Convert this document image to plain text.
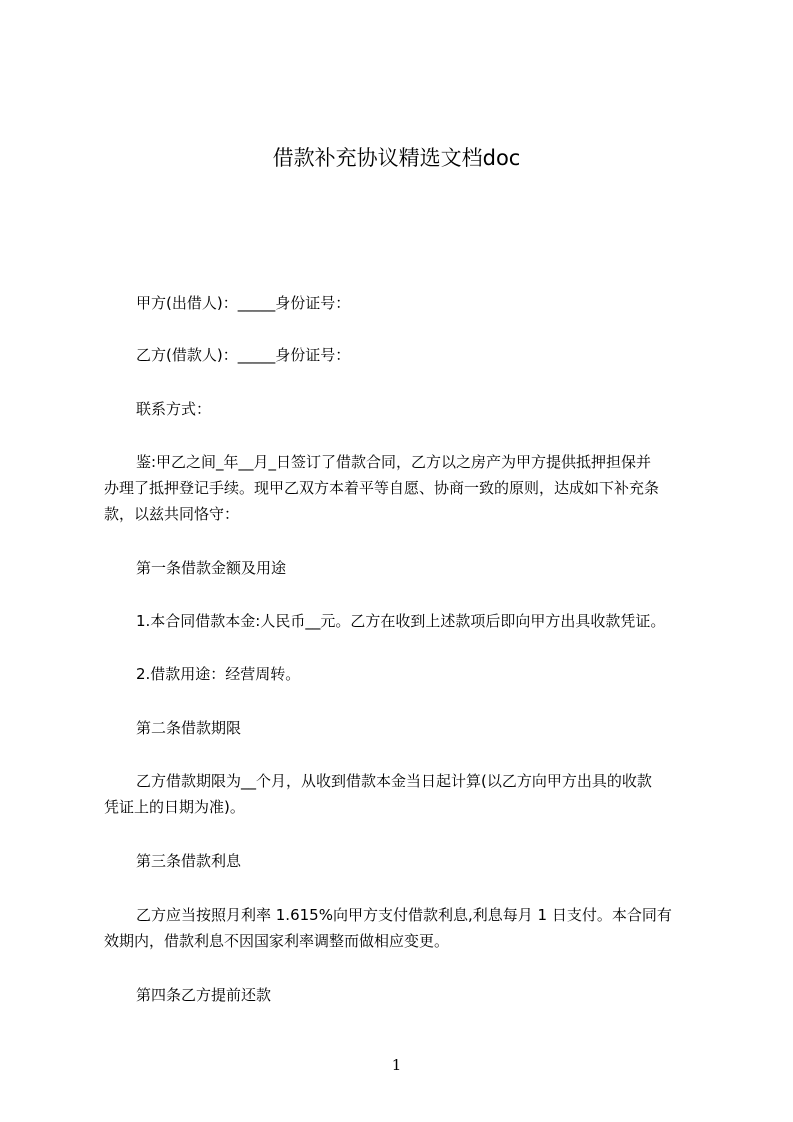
借款补充协议精选文档doc
甲方(出借人)：_____身份证号：
乙方(借款人)：_____身份证号：
联系方式：
鉴:甲乙之间_年__月_日签订了借款合同，乙方以之房产为甲方提供抵押担保并
办理了抵押登记手续。现甲乙双方本着平等自愿、协商一致的原则，达成如下补充条
款，以兹共同恪守：
第一条借款金额及用途
1.本合同借款本金:人民币__元。乙方在收到上述款项后即向甲方出具收款凭证。
2.借款用途：经营周转。
第二条借款期限
乙方借款期限为__个月，从收到借款本金当日起计算(以乙方向甲方出具的收款
凭证上的日期为准)。
第三条借款利息
乙方应当按照月利率 1.615%向甲方支付借款利息,利息每月 1 日支付。本合同有
效期内，借款利息不因国家利率调整而做相应变更。
第四条乙方提前还款
1
